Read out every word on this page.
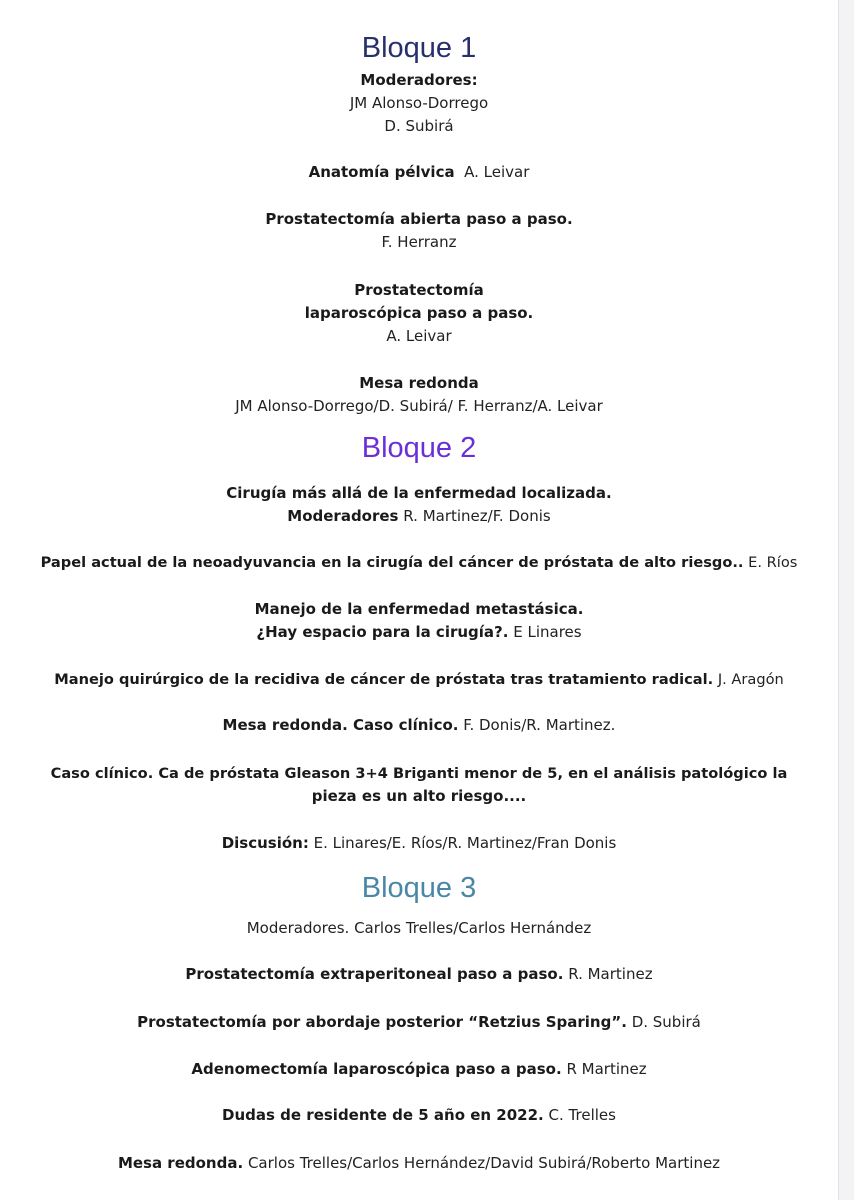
Bloque 1
Moderadores:
JM Alonso-Dorrego
D. Subirá
Anatomía pélvica A. Leivar
Prostatectomía abierta paso a paso.
F. Herranz
Prostatectomía
laparoscópica paso a paso.
A. Leivar
Mesa redonda
JM Alonso-Dorrego/D. Subirá/ F. Herranz/A. Leivar
Bloque 2
Cirugía más allá de la enfermedad localizada.
Moderadores R. Martinez/F. Donis
Papel actual de la neoadyuvancia en la cirugía del cáncer de próstata de alto riesgo.. E. Ríos
Manejo de la enfermedad metastásica.
¿Hay espacio para la cirugía?. E Linares
Manejo quirúrgico de la recidiva de cáncer de próstata tras tratamiento radical. J. Aragón
Mesa redonda. Caso clínico. F. Donis/R. Martinez.
Caso clínico. Ca de próstata Gleason 3+4 Briganti menor de 5, en el análisis patológico la
pieza es un alto riesgo....
Discusión: E. Linares/E. Ríos/R. Martinez/Fran Donis
Bloque 3
Moderadores. Carlos Trelles/Carlos Hernández
Prostatectomía extraperitoneal paso a paso. R. Martinez
Prostatectomía por abordaje posterior “Retzius Sparing”. D. Subirá
Adenomectomía laparoscópica paso a paso. R Martinez
Dudas de residente de 5 año en 2022. C. Trelles
Mesa redonda. Carlos Trelles/Carlos Hernández/David Subirá/Roberto Martinez
